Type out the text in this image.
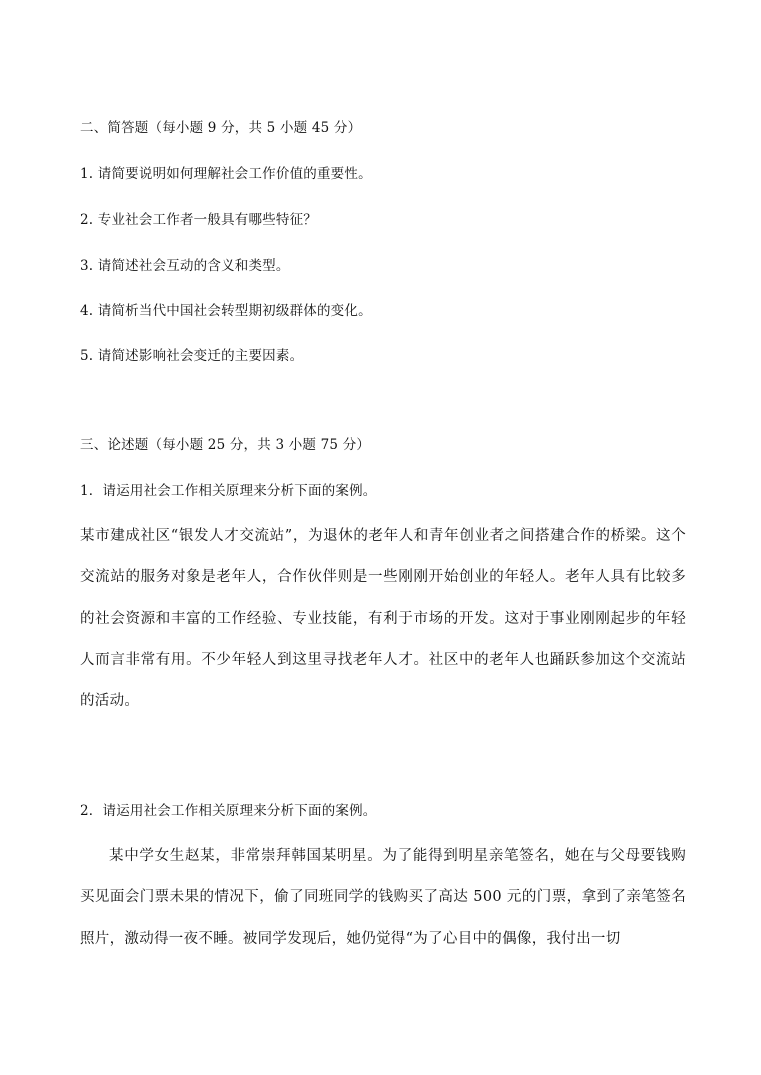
二、简答题（每小题 9 分，共 5 小题 45 分）
1. 请简要说明如何理解社会工作价值的重要性。
2. 专业社会工作者一般具有哪些特征？
3. 请简述社会互动的含义和类型。
4. 请简析当代中国社会转型期初级群体的变化。
5. 请简述影响社会变迁的主要因素。
三、论述题（每小题 25 分，共 3 小题 75 分）
1．请运用社会工作相关原理来分析下面的案例。
某市建成社区“银发人才交流站”，为退休的老年人和青年创业者之间搭建合作的桥梁。这个交流站的服务对象是老年人，合作伙伴则是一些刚刚开始创业的年轻人。老年人具有比较多的社会资源和丰富的工作经验、专业技能，有利于市场的开发。这对于事业刚刚起步的年轻人而言非常有用。不少年轻人到这里寻找老年人才。社区中的老年人也踊跃参加这个交流站的活动。
2．请运用社会工作相关原理来分析下面的案例。
某中学女生赵某，非常崇拜韩国某明星。为了能得到明星亲笔签名，她在与父母要钱购买见面会门票未果的情况下，偷了同班同学的钱购买了高达 500 元的门票，拿到了亲笔签名照片，激动得一夜不睡。被同学发现后，她仍觉得“为了心目中的偶像，我付出一切
